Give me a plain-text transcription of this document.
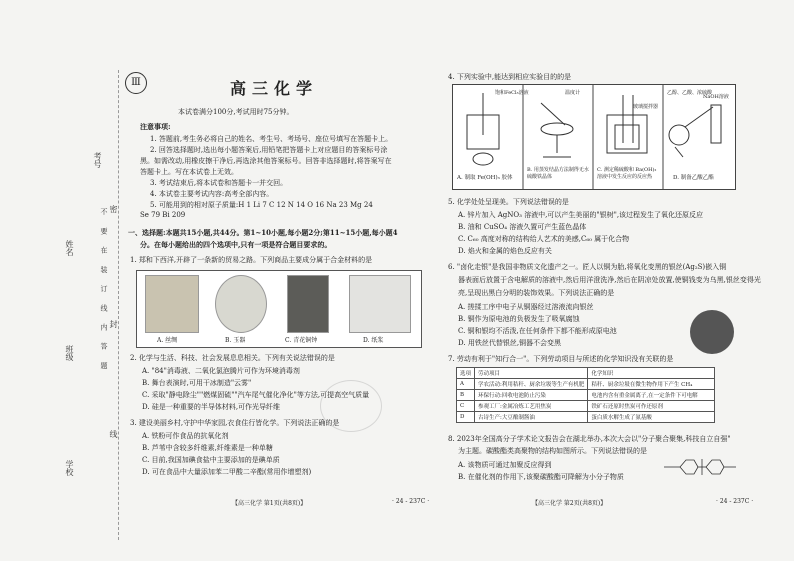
考号
姓名
班级
学校
不 要 在 装 订 线 内 答 题 密
封
线
Ⅲ	高三化学
本试卷满分100分,考试用时75分钟。
注意事项:
1. 答题前,考生务必将自己的姓名、考生号、考场号、座位号填写在答题卡上。
2. 回答选择题时,选出每小题答案后,用铅笔把答题卡上对应题目的答案标号涂
黑。如需改动,用橡皮擦干净后,再选涂其他答案标号。回答非选择题时,将答案写在
答题卡上。写在本试卷上无效。
3. 考试结束后,将本试卷和答题卡一并交回。
4. 本试卷主要考试内容:高考全部内容。
5. 可能用到的相对原子质量:H 1 Li 7 C 12 N 14 O 16 Na 23 Mg 24
Se 79 Bi 209
一、选择题:本题共15小题,共44分。第1~10小题,每小题2分;第11~15小题,每小题4
分。在每小题给出的四个选项中,只有一项是符合题目要求的。
1. 郑和下西洋,开辟了一条新的贸易之路。下列商品主要成分属于合金材料的是
A. 丝绸	B. 玉器	C. 青花铜钟	D. 纸浆
2. 化学与生活、科技、社会发展息息相关。下列有关说法错误的是
A. "84"消毒液、二氧化氯泡腾片可作为环境消毒剂
B. 舞台表演时,可用干冰制造"云雾"
C. 采取"静电除尘""燃煤固硫""汽车尾气催化净化"等方法,可提高空气质量
D. 硅是一种重要的半导体材料,可作光导纤维
3. 建设美丽乡村,守护中华家园,衣食住行皆化学。下列说法正确的是
A. 铁粉可作食品的抗氧化剂
B. 芦苇中含较多纤维素,纤维素是一种单糖
C. 目前,我国加碘食盐中主要添加的是碘单质
D. 可在食品中大量添加苯二甲酸二辛酯(常用作增塑剂)
【高三化学 第1页(共8页)】	· 24 - 237C ·
4. 下列实验中,能达到相应实验目的的是
饱和FeCl₃溶液	温度计
玻璃搅拌器
乙醇、乙酸、浓硫酸
NaOH溶液
A. 制取 Fe(OH)₃ 胶体
B. 用蒸发结晶方法制得无水硫酸铁晶体
C. 测定稀硫酸和 Ba(OH)₂ 溶液中发生反应的反应热	D. 制备乙酸乙酯
5. 化学处处呈现美。下列说法错误的是
A. 锌片加入 AgNO₃ 溶液中,可以产生美丽的"银树",该过程发生了氧化还原反应
B. 油和 CuSO₄ 溶液久置可产生蓝色晶体
C. C₆₀ 高度对称的结构给人艺术的美感,C₆₀ 属于化合物
D. 焰火和金属的焰色反应有关
6. "卤化走银"是我国非物质文化遗产之一。匠人以铜为胎,将氧化变黑的银丝(Ag₂S)嵌入铜
器表面后放置于含电解质的溶液中,然后用洋澄洗净,然后在阴凉处放置,使铜钱变为乌黑,银丝变得光
亮,呈现出黑白分明的装饰效果。下列说法正确的是
A. 搓揉工序中电子从铜器经过溶液流向银丝
B. 铜作为原电池的负极发生了吸氧腐蚀
C. 铜和银均不活泼,在任何条件下都不能形成原电池
D. 用铁丝代替银丝,铜器不会变黑
7. 劳动有利于"知行合一"。下列劳动项目与所述的化学知识没有关联的是
选项	劳动项目	化学知识
A	学农活动:利用秸秆、厨余垃圾等生产有机肥	秸秆、厨余垃圾在微生物作用下产生 CH₄
B	环保行动:回收电池防止污染	电池内含有重金属离子,在一定条件下可电解
C	参观工厂:金属冶炼工艺用焦炭	铁矿石还原时焦炭可作还原剂
D	古诗生产:大豆酿制酱油	蛋白质水解生成了氨基酸
8. 2023年全国高分子学术论文报告会在湖北举办,本次大会以"分子聚合聚集,科技自立自强"
为主题。碳酸酯类高聚物的结构如图所示。下列说法错误的是
A. 该物质可通过加聚反应得到
B. 在催化剂的作用下,该聚碳酸酯可降解为小分子物质
【高三化学 第2页(共8页)】	· 24 - 237C ·
